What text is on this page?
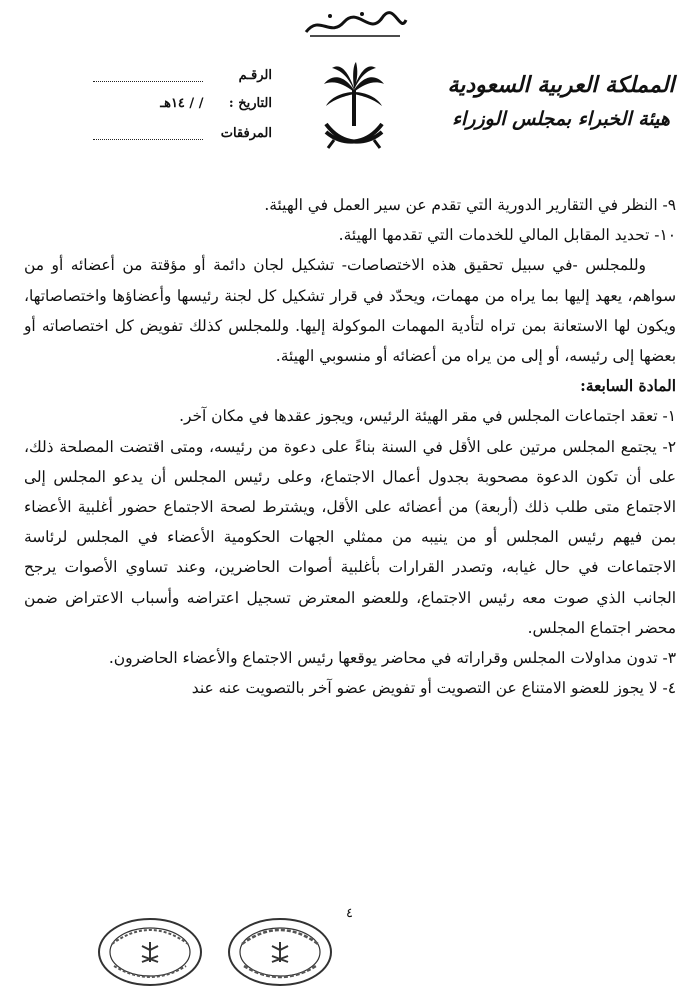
المملكة العربية السعودية
هيئة الخبراء بمجلس الوزراء
الرقـم
التاريخ : / / ١٤هـ
المرفقات

٩- النظر في التقارير الدورية التي تقدم عن سير العمل في الهيئة.

١٠- تحديد المقابل المالي للخدمات التي تقدمها الهيئة.

وللمجلس -في سبيل تحقيق هذه الاختصاصات- تشكيل لجان دائمة أو مؤقتة من أعضائه أو من سواهم، يعهد إليها بما يراه من مهمات، ويحدّد في قرار تشكيل كل لجنة رئيسها وأعضاؤها واختصاصاتها، ويكون لها الاستعانة بمن تراه لتأدية المهمات الموكولة إليها. وللمجلس كذلك تفويض كل اختصاصاته أو بعضها إلى رئيسه، أو إلى من يراه من أعضائه أو منسوبي الهيئة.

المادة السابعة:

١- تعقد اجتماعات المجلس في مقر الهيئة الرئيس، ويجوز عقدها في مكان آخر.

٢- يجتمع المجلس مرتين على الأقل في السنة بناءً على دعوة من رئيسه، ومتى اقتضت المصلحة ذلك، على أن تكون الدعوة مصحوبة بجدول أعمال الاجتماع، وعلى رئيس المجلس أن يدعو المجلس إلى الاجتماع متى طلب ذلك (أربعة) من أعضائه على الأقل، ويشترط لصحة الاجتماع حضور أغلبية الأعضاء بمن فيهم رئيس المجلس أو من ينيبه من ممثلي الجهات الحكومية الأعضاء في المجلس لرئاسة الاجتماعات في حال غيابه، وتصدر القرارات بأغلبية أصوات الحاضرين، وعند تساوي الأصوات يرجح الجانب الذي صوت معه رئيس الاجتماع، وللعضو المعترض تسجيل اعتراضه وأسباب الاعتراض ضمن محضر اجتماع المجلس.

٣- تدون مداولات المجلس وقراراته في محاضر يوقعها رئيس الاجتماع والأعضاء الحاضرون.

٤- لا يجوز للعضو الامتناع عن التصويت أو تفويض عضو آخر بالتصويت عنه عند

٤
